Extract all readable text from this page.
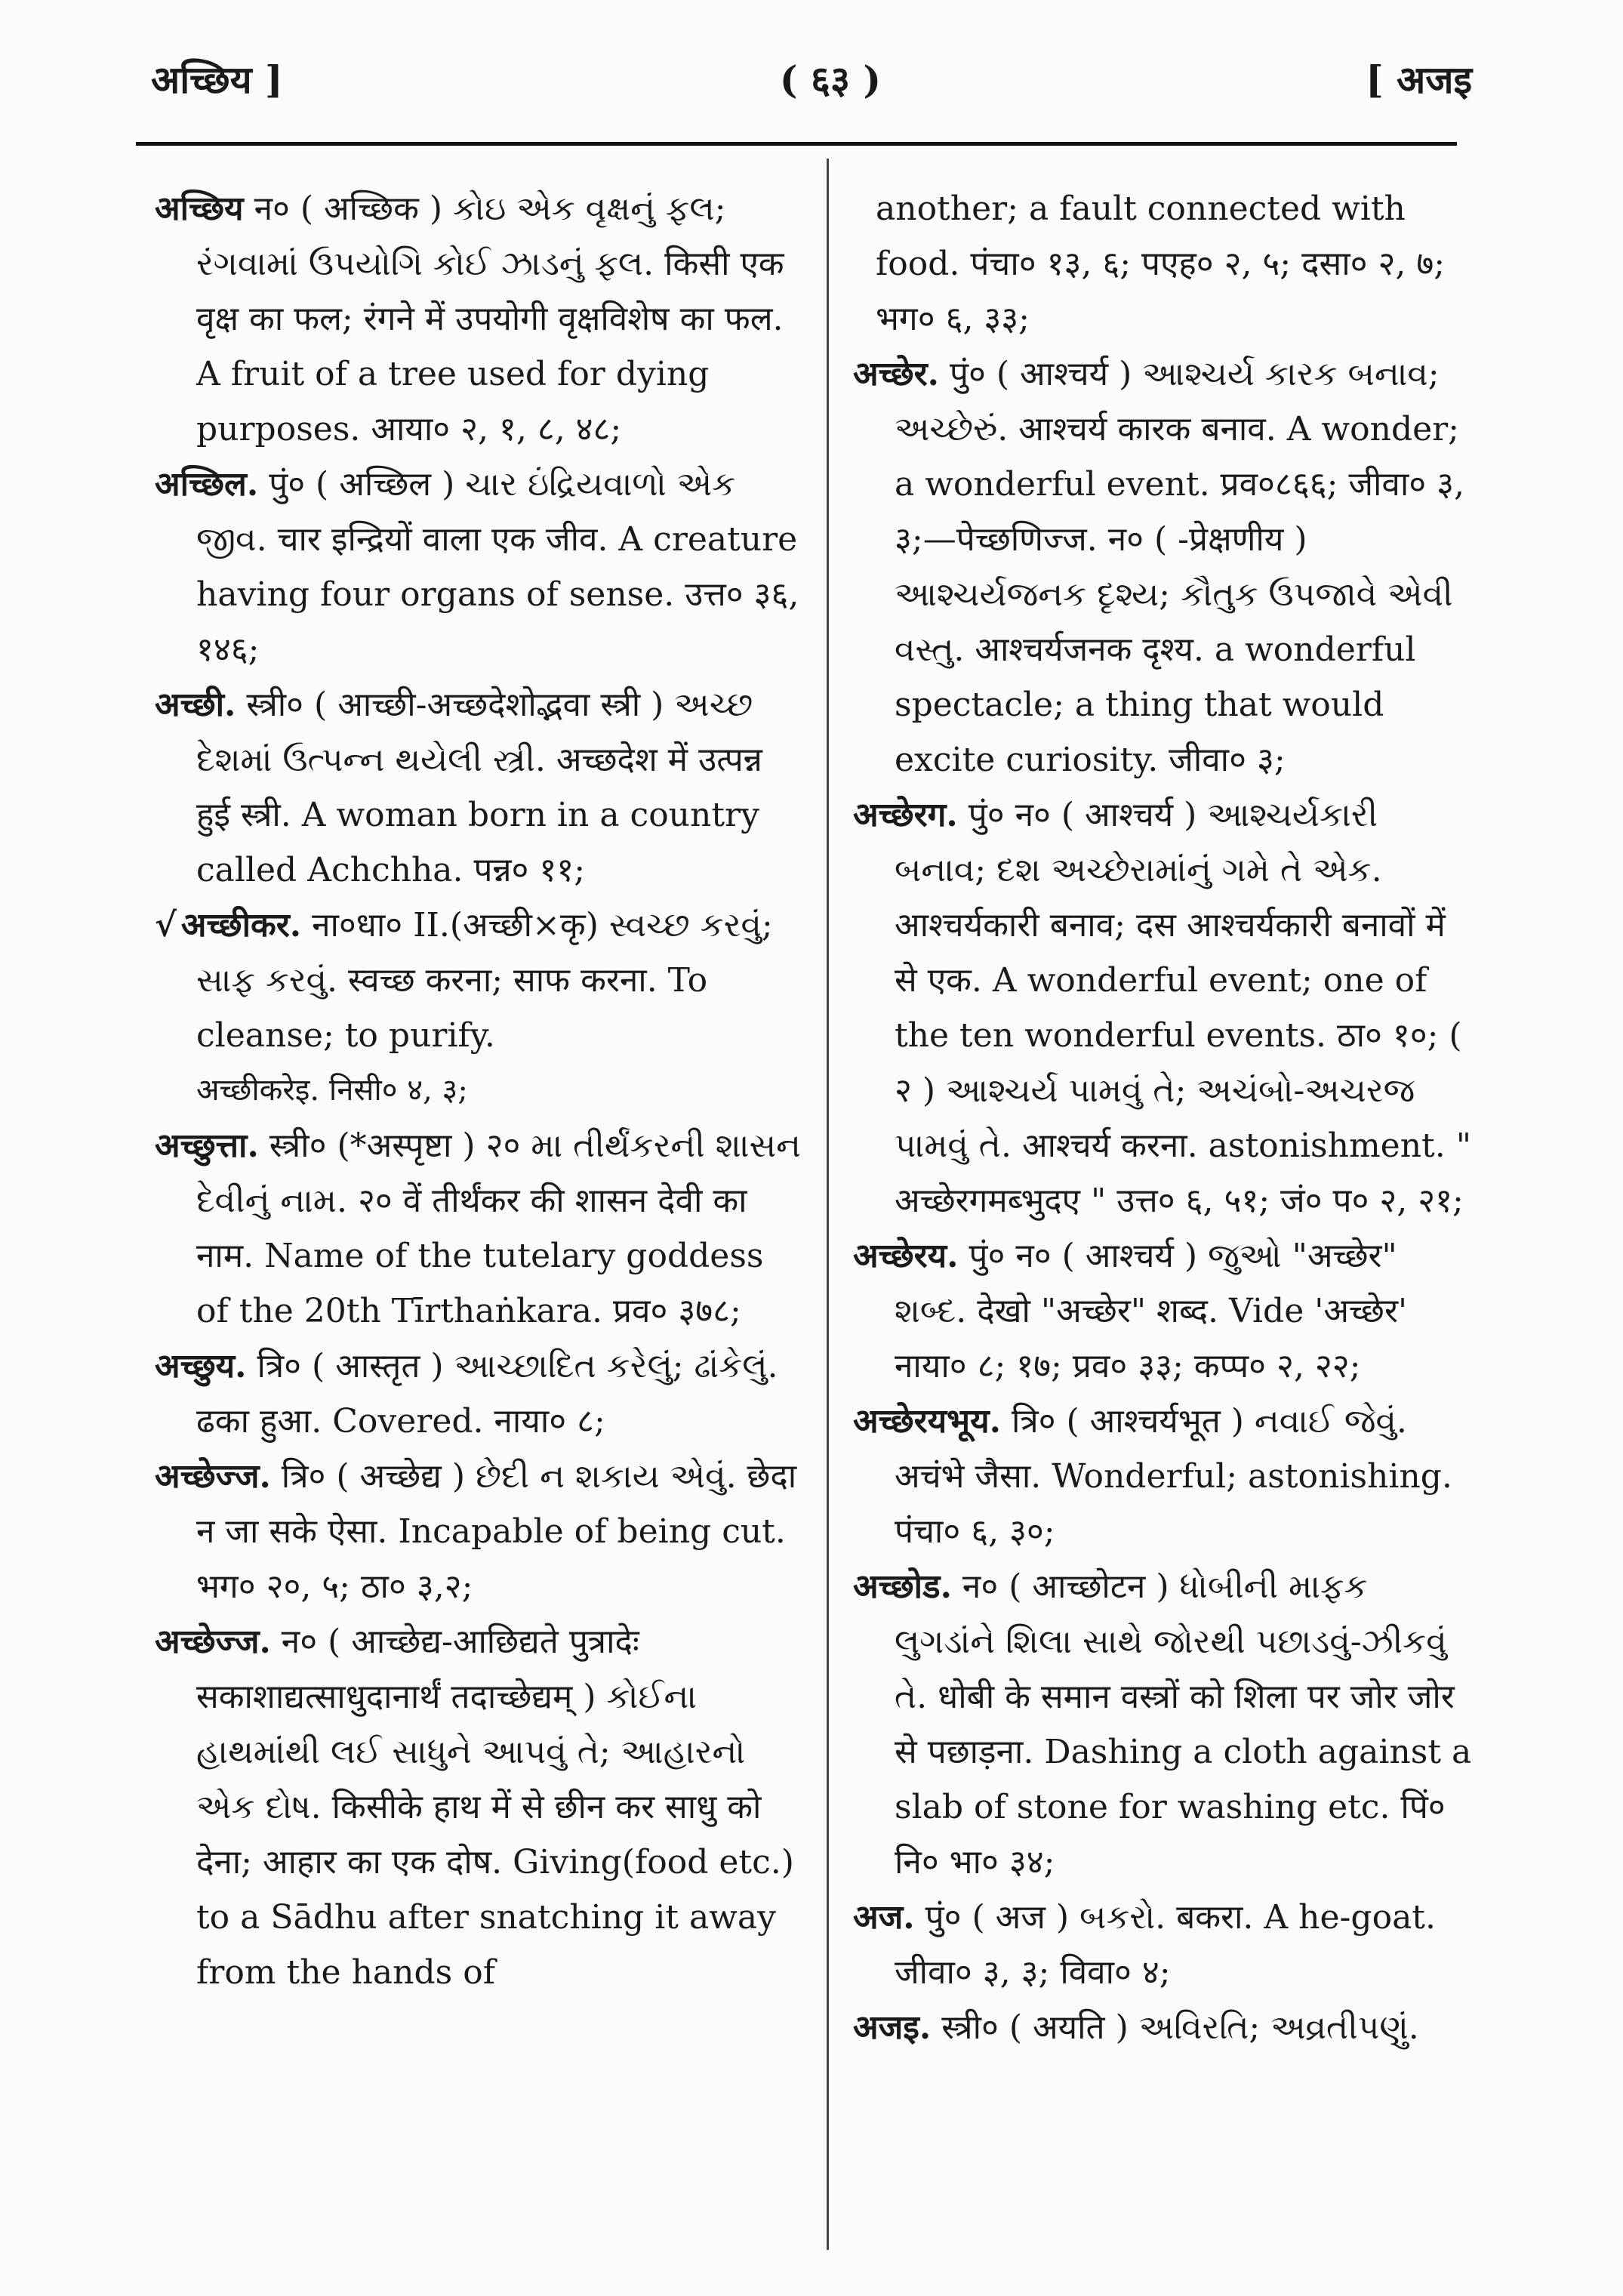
अच्छिय ]	( ६३ )	[ अजइ

अच्छिय न० ( अच्छिक ) કોઇ એક વૃક્ષનું ફલ; રંગવામાં ઉપયોગિ કોઈ ઝાડનું ફલ. किसी एक वृक्ष का फल; रंगने में उपयोगी वृक्षविशेष का फल. A fruit of a tree used for dying purposes. आया० २, १, ८, ४८;

अच्छिल. पुं० ( अच्छिल ) ચાર ઇંદ્રિયવાળો એક જીવ. चार इन्द्रियों वाला एक जीव. A creature having four organs of sense. उत्त० ३६, १४६;

अच्छी. स्त्री० ( आच्छी-अच्छदेशोद्भवा स्त्री ) અચ્છ દેશમાં ઉત્પન્ન થયેલી સ્ત્રી. अच्छदेश में उत्पन्न हुई स्त्री. A woman born in a country called Achchha. पन्न० ११;

√ अच्छीकर. ना०धा० II.(अच्छी×कृ) સ્વચ્છ કરવું; સાફ કરવું. स्वच्छ करना; साफ करना. To cleanse; to purify.

अच्छीकरेइ. निसी० ४, ३;

अच्छुत्ता. स्त्री० (*अस्पृष्टा ) २० મા તીર્થંકરની શાસન દેવીનું નામ. २० वें तीर्थंकर की शासन देवी का नाम. Name of the tutelary goddess of the 20th Tīrthaṅkara. प्रव० ३७८;

अच्छुय. त्रि० ( आस्तृत ) આચ્છાદિત કરેલું; ઢાંકેલું. ढका हुआ. Covered. नाया० ८;

अच्छेज्ज. त्रि० ( अच्छेद्य ) છેદી ન શકાય એવું. छेदा न जा सके ऐसा. Incapable of being cut. भग० २०, ५; ठा० ३,२;

अच्छेज्ज. न० ( आच्छेद्य-आछिद्यते पुत्रादेः सकाशाद्यत्साधुदानार्थं तदाच्छेद्यम् ) કોઈના હાથમાંથી લઈ સાધુને આપવું તે; આહારનો એક દોષ. किसीके हाथ में से छीन कर साधु को देना; आहार का एक दोष. Giving(food etc.) to a Sādhu after snatching it away from the hands of

another; a fault connected with food. पंचा० १३, ६; पएह० २, ५; दसा० २, ७; भग० ६, ३३;

अच्छेर. पुं० ( आश्चर्य ) આશ્ચર્ય કારક બનાવ; અચ્છેરું. आश्चर्य कारक बनाव. A wonder; a wonderful event. प्रव०८६६; जीवा० ३, ३;—पेच्छणिज्ज. न० ( -प्रेक्षणीय ) આશ્ચર્યજનક દૃશ્ય; કૌતુક ઉપજાવે એવી વસ્તુ. आश्चर्यजनक दृश्य. a wonderful spectacle; a thing that would excite curiosity. जीवा० ३;

अच्छेरग. पुं० न० ( आश्चर्य ) આશ્ચર્યકારી બનાવ; દશ અચ્છેરામાંનું ગમે તે એક. आश्चर्यकारी बनाव; दस आश्चर्यकारी बनावों में से एक. A wonderful event; one of the ten wonderful events. ठा० १०; ( २ ) આશ્ચર્ય પામવું તે; અચંબો-અચરજ પામવું તે. आश्चर्य करना. astonishment. " अच्छेरगमब्भुदए " उत्त० ६, ५१; जं० प० २, २१;

अच्छेरय. पुं० न० ( आश्चर्य ) જુઓ "अच्छेर" શબ્દ. देखो "अच्छेर" शब्द. Vide 'अच्छेर' नाया० ८; १७; प्रव० ३३; कप्प० २, २२;

अच्छेरयभूय. त्रि० ( आश्चर्यभूत ) નવાઈ જેવું. अचंभे जैसा. Wonderful; astonishing. पंचा० ६, ३०;

अच्छोड. न० ( आच्छोटन ) ધોબીની માફક લુગડાંને શિલા સાથે જોરથી પછાડવું-ઝીકવું તે. धोबी के समान वस्त्रों को शिला पर जोर जोर से पछाड़ना. Dashing a cloth against a slab of stone for washing etc. पिं० नि० भा० ३४;

अज. पुं० ( अज ) બકરો. बकरा. A he-goat. जीवा० ३, ३; विवा० ४;

अजइ. स्त्री० ( अयति ) અવિરતિ; અવ્રતીપણું.
